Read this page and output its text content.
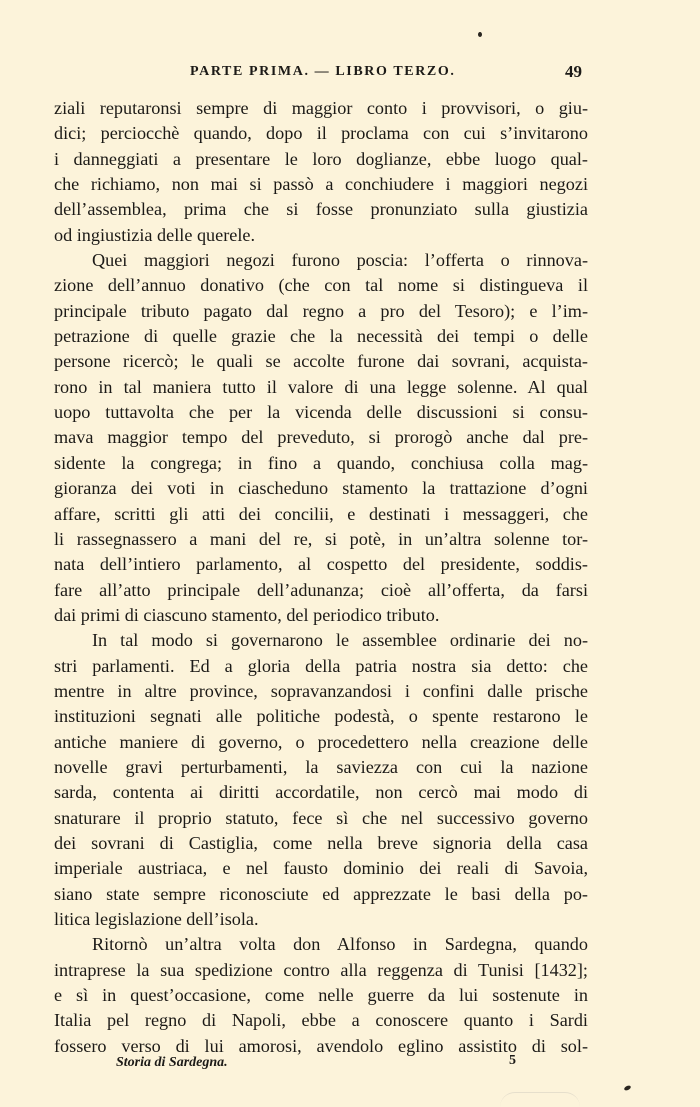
PARTE PRIMA. — LIBRO TERZO.	49
ziali reputaronsi sempre di maggior conto i provvisori, o giu-
dici; perciocchè quando, dopo il proclama con cui s’invitarono
i danneggiati a presentare le loro doglianze, ebbe luogo qual-
che richiamo, non mai si passò a conchiudere i maggiori negozi
dell’assemblea, prima che si fosse pronunziato sulla giustizia
od ingiustizia delle querele.
Quei maggiori negozi furono poscia: l’offerta o rinnova-
zione dell’annuo donativo (che con tal nome si distingueva il
principale tributo pagato dal regno a pro del Tesoro); e l’im-
petrazione di quelle grazie che la necessità dei tempi o delle
persone ricercò; le quali se accolte furone dai sovrani, acquista-
rono in tal maniera tutto il valore di una legge solenne. Al qual
uopo tuttavolta che per la vicenda delle discussioni si consu-
mava maggior tempo del preveduto, si prorogò anche dal pre-
sidente la congrega; in fino a quando, conchiusa colla mag-
gioranza dei voti in ciascheduno stamento la trattazione d’ogni
affare, scritti gli atti dei concilii, e destinati i messaggeri, che
li rassegnassero a mani del re, si potè, in un’altra solenne tor-
nata dell’intiero parlamento, al cospetto del presidente, soddis-
fare all’atto principale dell’adunanza; cioè all’offerta, da farsi
dai primi di ciascuno stamento, del periodico tributo.
In tal modo si governarono le assemblee ordinarie dei no-
stri parlamenti. Ed a gloria della patria nostra sia detto: che
mentre in altre province, sopravanzandosi i confini dalle prische
instituzioni segnati alle politiche podestà, o spente restarono le
antiche maniere di governo, o procedettero nella creazione delle
novelle gravi perturbamenti, la saviezza con cui la nazione
sarda, contenta ai diritti accordatile, non cercò mai modo di
snaturare il proprio statuto, fece sì che nel successivo governo
dei sovrani di Castiglia, come nella breve signoria della casa
imperiale austriaca, e nel fausto dominio dei reali di Savoia,
siano state sempre riconosciute ed apprezzate le basi della po-
litica legislazione dell’isola.
Ritornò un’altra volta don Alfonso in Sardegna, quando
intraprese la sua spedizione contro alla reggenza di Tunisi [1432];
e sì in quest’occasione, come nelle guerre da lui sostenute in
Italia pel regno di Napoli, ebbe a conoscere quanto i Sardi
fossero verso di lui amorosi, avendolo eglino assistito di sol-
Storia di Sardegna.	5
